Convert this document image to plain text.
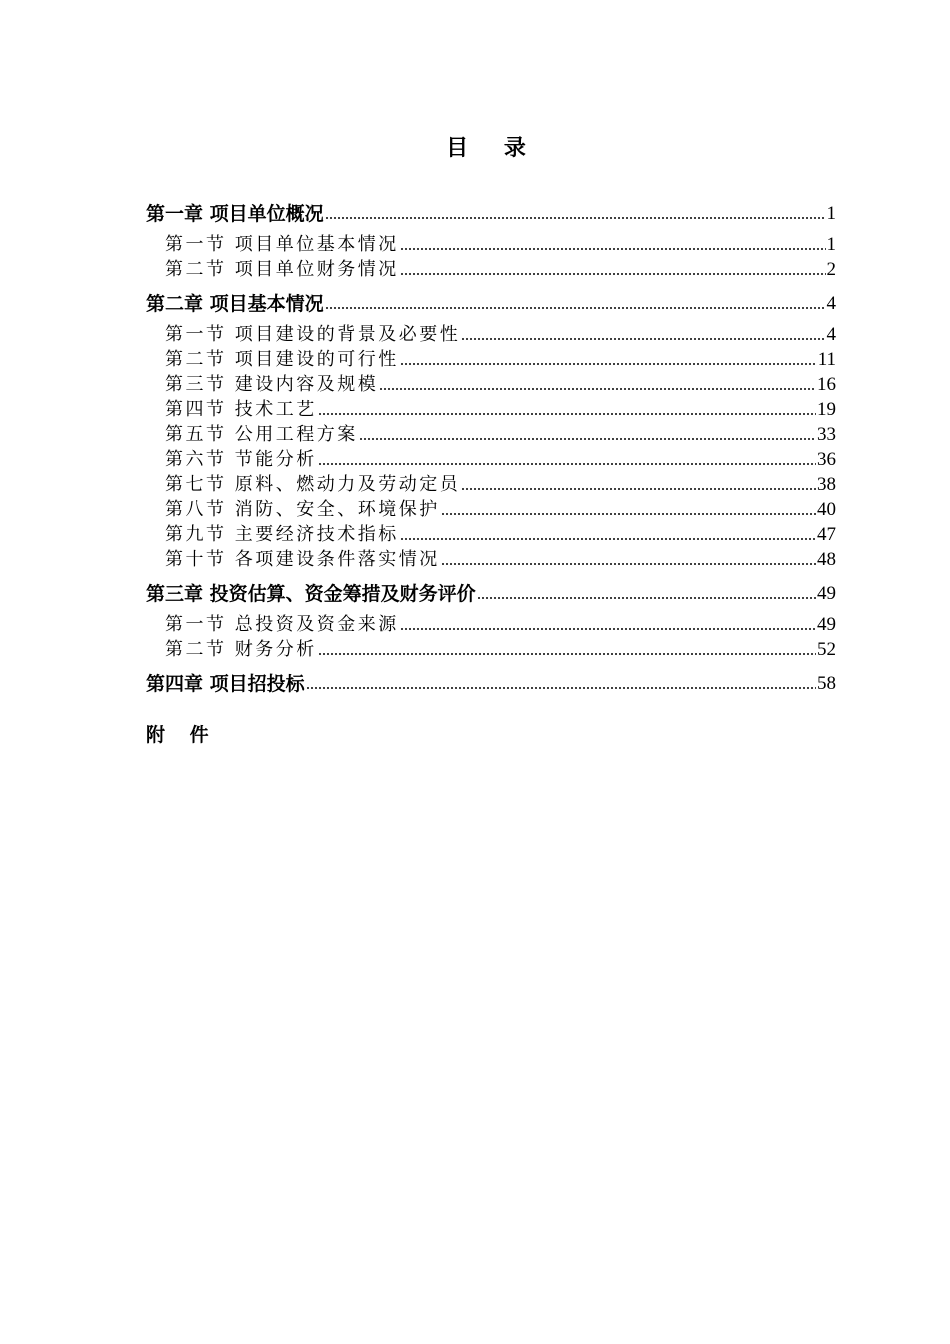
目 录
第一章 项目单位概况	1
第一节 项目单位基本情况	1
第二节 项目单位财务情况	2
第二章 项目基本情况	4
第一节 项目建设的背景及必要性	4
第二节 项目建设的可行性	11
第三节 建设内容及规模	16
第四节 技术工艺	19
第五节 公用工程方案	33
第六节 节能分析	36
第七节 原料、燃动力及劳动定员	38
第八节 消防、安全、环境保护	40
第九节 主要经济技术指标	47
第十节 各项建设条件落实情况	48
第三章 投资估算、资金筹措及财务评价	49
第一节 总投资及资金来源	49
第二节 财务分析	52
第四章 项目招投标	58

附 件
